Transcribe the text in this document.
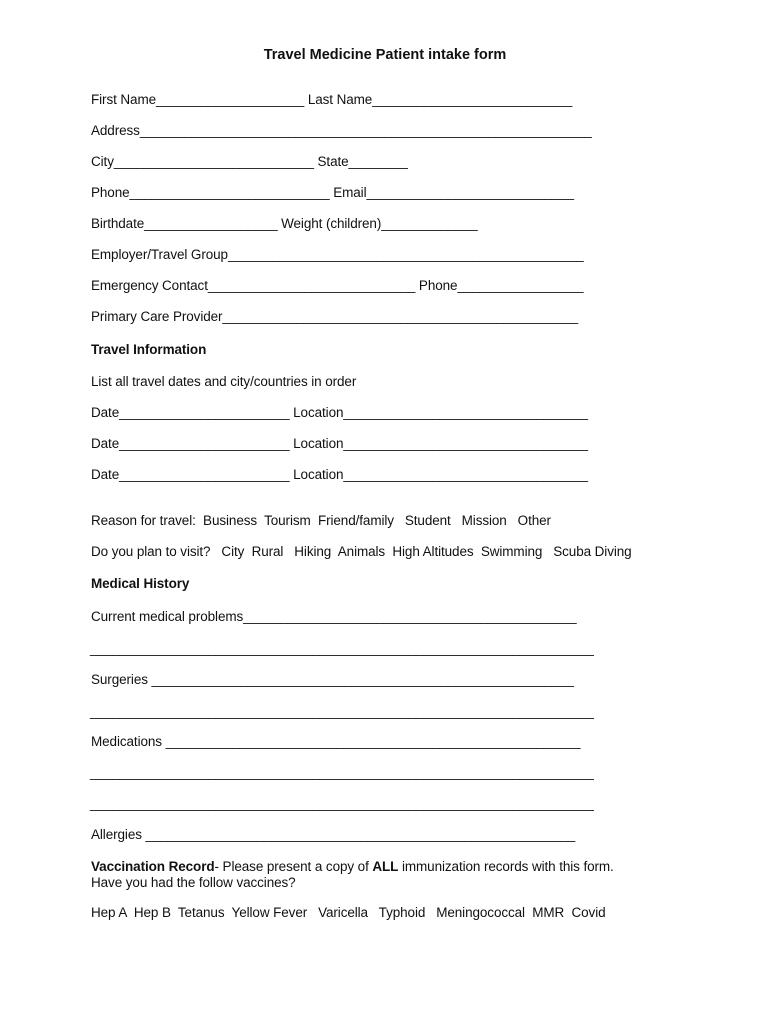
Travel Medicine Patient intake form
First Name____________________ Last Name___________________________
Address_____________________________________________________________
City___________________________ State________
Phone___________________________ Email____________________________
Birthdate__________________ Weight (children)_____________
Employer/Travel Group________________________________________________
Emergency Contact____________________________ Phone_________________
Primary Care Provider________________________________________________
Travel Information
List all travel dates and city/countries in order
Date_______________________ Location_________________________________
Date_______________________ Location_________________________________
Date_______________________ Location_________________________________
Reason for travel:  Business  Tourism  Friend/family   Student   Mission   Other
Do you plan to visit?   City  Rural   Hiking  Animals  High Altitudes  Swimming   Scuba Diving
Medical History
Current medical problems_____________________________________________
____________________________________________________________________
Surgeries _________________________________________________________
____________________________________________________________________
Medications ________________________________________________________
____________________________________________________________________
____________________________________________________________________
Allergies __________________________________________________________
Vaccination Record- Please present a copy of ALL immunization records with this form.
Have you had the follow vaccines?
Hep A  Hep B  Tetanus  Yellow Fever   Varicella   Typhoid   Meningococcal  MMR  Covid
